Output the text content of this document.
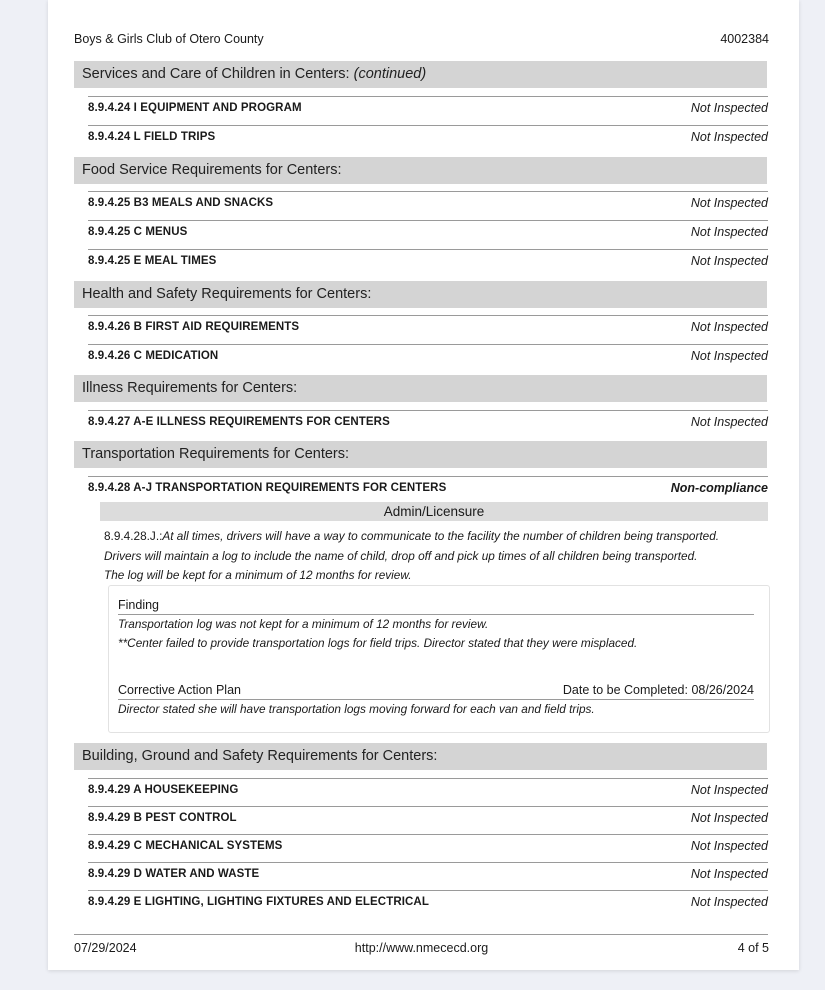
Boys & Girls Club of Otero County	4002384
Services and Care of Children in Centers: (continued)
8.9.4.24 I EQUIPMENT AND PROGRAM	Not Inspected
8.9.4.24 L FIELD TRIPS	Not Inspected
Food Service Requirements for Centers:
8.9.4.25 B3 MEALS AND SNACKS	Not Inspected
8.9.4.25 C MENUS	Not Inspected
8.9.4.25 E MEAL TIMES	Not Inspected
Health and Safety Requirements for Centers:
8.9.4.26 B FIRST AID REQUIREMENTS	Not Inspected
8.9.4.26 C MEDICATION	Not Inspected
Illness Requirements for Centers:
8.9.4.27 A-E ILLNESS REQUIREMENTS FOR CENTERS	Not Inspected
Transportation Requirements for Centers:
8.9.4.28 A-J TRANSPORTATION REQUIREMENTS FOR CENTERS	Non-compliance
Admin/Licensure
8.9.4.28.J.:At all times, drivers will have a way to communicate to the facility the number of children being transported.
Drivers will maintain a log to include the name of child, drop off and pick up times of all children being transported.
The log will be kept for a minimum of 12 months for review.
Finding
Transportation log was not kept for a minimum of 12 months for review.
**Center failed to provide transportation logs for field trips. Director stated that they were misplaced.
Corrective Action Plan	Date to be Completed: 08/26/2024
Director stated she will have transportation logs moving forward for each van and field trips.
Building, Ground and Safety Requirements for Centers:
8.9.4.29 A HOUSEKEEPING	Not Inspected
8.9.4.29 B PEST CONTROL	Not Inspected
8.9.4.29 C MECHANICAL SYSTEMS	Not Inspected
8.9.4.29 D WATER AND WASTE	Not Inspected
8.9.4.29 E LIGHTING, LIGHTING FIXTURES AND ELECTRICAL	Not Inspected
07/29/2024	http://www.nmececd.org	4 of 5
